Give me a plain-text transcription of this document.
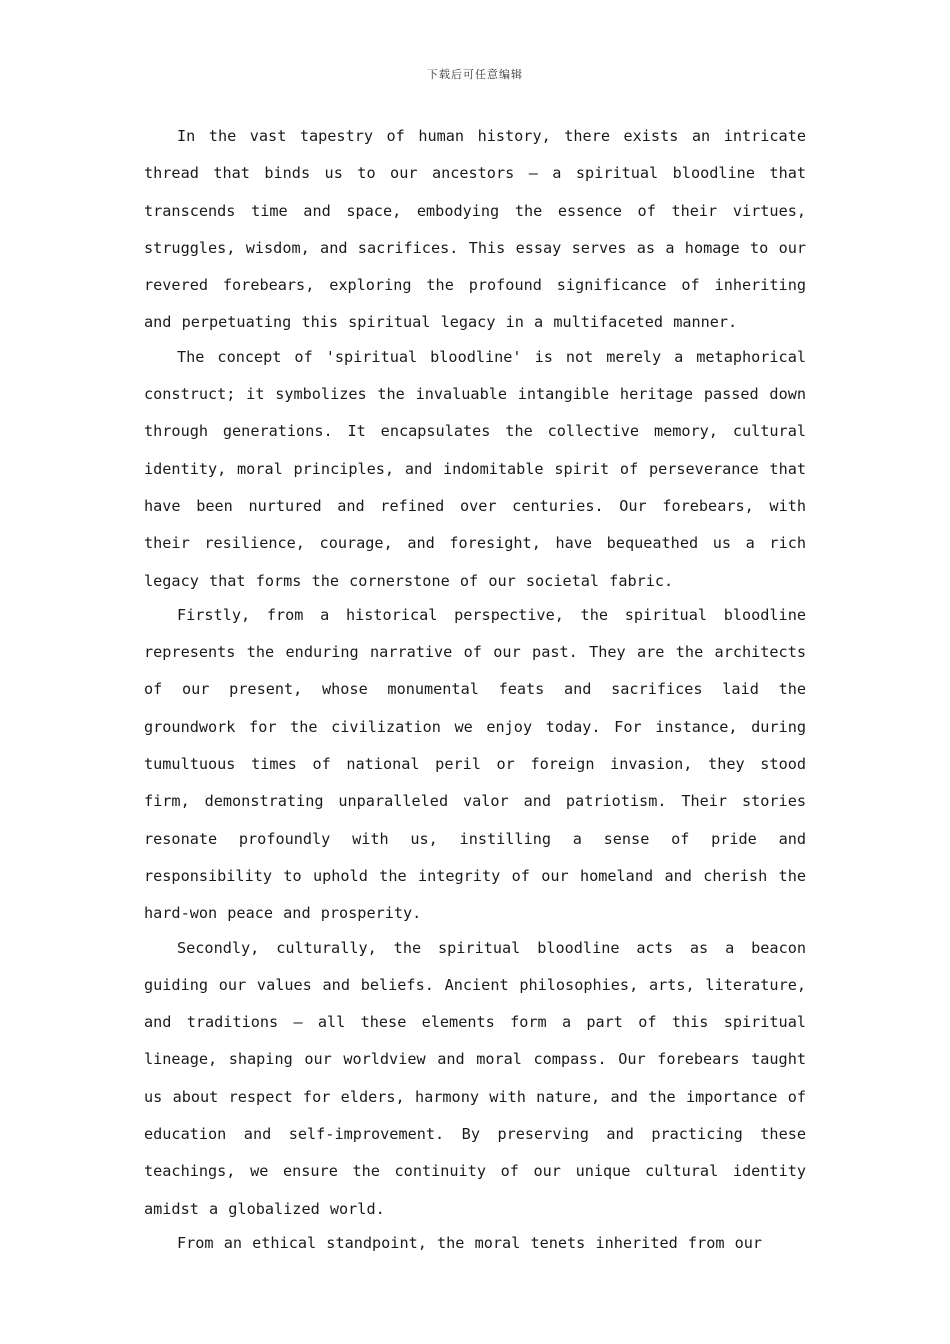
下载后可任意编辑

In the vast tapestry of human history, there exists an intricate thread that binds us to our ancestors – a spiritual bloodline that transcends time and space, embodying the essence of their virtues, struggles, wisdom, and sacrifices. This essay serves as a homage to our revered forebears, exploring the profound significance of inheriting and perpetuating this spiritual legacy in a multifaceted manner.

The concept of 'spiritual bloodline' is not merely a metaphorical construct; it symbolizes the invaluable intangible heritage passed down through generations. It encapsulates the collective memory, cultural identity, moral principles, and indomitable spirit of perseverance that have been nurtured and refined over centuries. Our forebears, with their resilience, courage, and foresight, have bequeathed us a rich legacy that forms the cornerstone of our societal fabric.

Firstly, from a historical perspective, the spiritual bloodline represents the enduring narrative of our past. They are the architects of our present, whose monumental feats and sacrifices laid the groundwork for the civilization we enjoy today. For instance, during tumultuous times of national peril or foreign invasion, they stood firm, demonstrating unparalleled valor and patriotism. Their stories resonate profoundly with us, instilling a sense of pride and responsibility to uphold the integrity of our homeland and cherish the hard-won peace and prosperity.

Secondly, culturally, the spiritual bloodline acts as a beacon guiding our values and beliefs. Ancient philosophies, arts, literature, and traditions – all these elements form a part of this spiritual lineage, shaping our worldview and moral compass. Our forebears taught us about respect for elders, harmony with nature, and the importance of education and self-improvement. By preserving and practicing these teachings, we ensure the continuity of our unique cultural identity amidst a globalized world.

From an ethical standpoint, the moral tenets inherited from our
